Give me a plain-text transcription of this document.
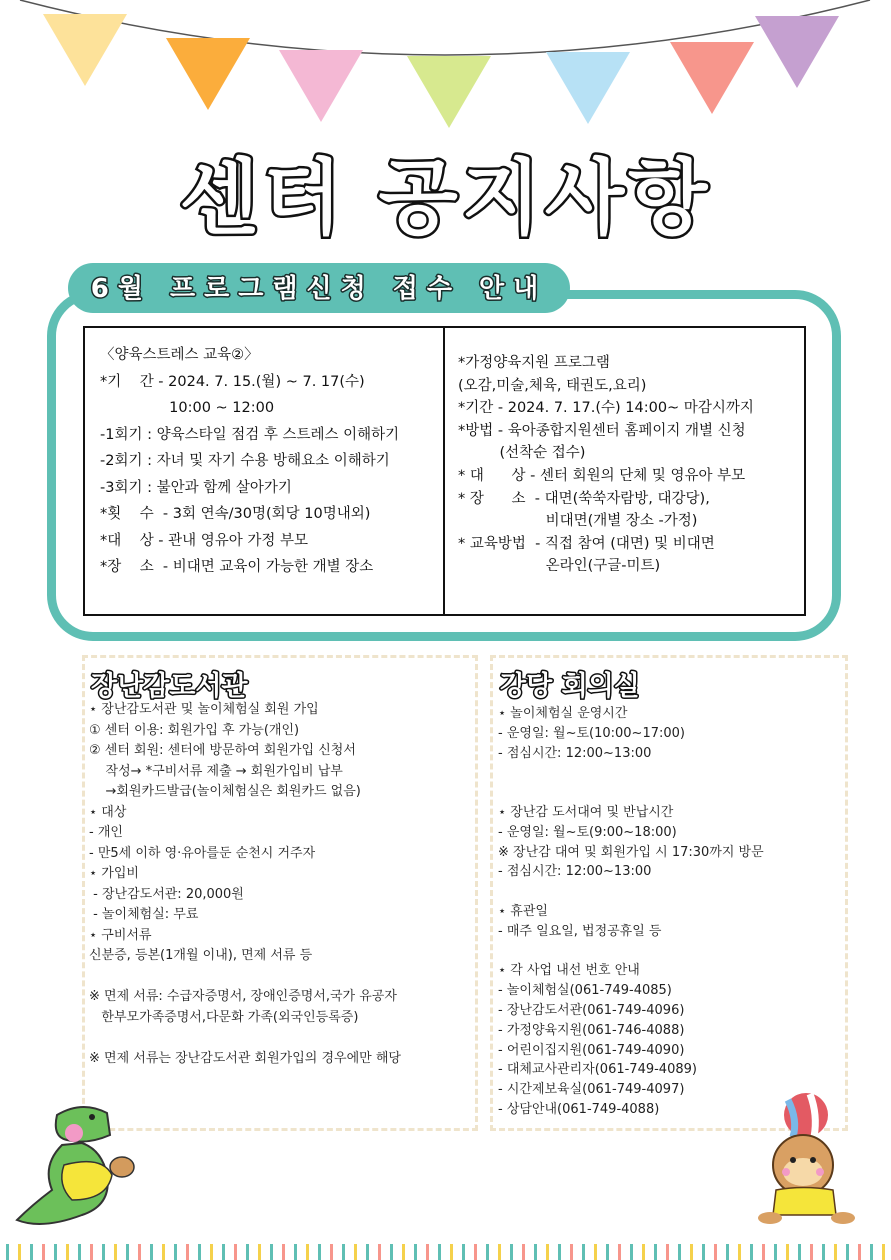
센터 공지사항
6월 프로그램신청 접수 안내
〈양육스트레스 교육②〉
*기    간 - 2024. 7. 15.(월) ~ 7. 17(수)
10:00 ~ 12:00
-1회기 : 양육스타일 점검 후 스트레스 이해하기
-2회기 : 자녀 및 자기 수용 방해요소 이해하기
-3회기 : 불안과 함께 살아가기
*횟    수  - 3회 연속/30명(회당 10명내외)
*대    상 - 관내 영유아 가정 부모
*장    소  - 비대면 교육이 가능한 개별 장소
*가정양육지원 프로그램
(오감,미술,체육, 태권도,요리)
*기간 - 2024. 7. 17.(수) 14:00~ 마감시까지
*방법 - 육아종합지원센터 홈페이지 개별 신청
(선착순 접수)
* 대      상 - 센터 회원의 단체 및 영유아 부모
* 장      소  - 대면(쑥쑥자람방, 대강당),
비대면(개별 장소 -가정)
* 교육방법  - 직접 참여 (대면) 및 비대면
온라인(구글-미트)
장난감도서관
⋆ 장난감도서관 및 놀이체험실 회원 가입
① 센터 이용: 회원가입 후 가능(개인)
② 센터 회원: 센터에 방문하여 회원가입 신청서
작성→ *구비서류 제출 → 회원가입비 납부
→회원카드발급(놀이체험실은 회원카드 없음)
⋆ 대상
- 개인
- 만5세 이하 영·유아를둔 순천시 거주자
⋆ 가입비
- 장난감도서관: 20,000원
- 놀이체험실: 무료
⋆ 구비서류
신분증, 등본(1개월 이내), 면제 서류 등

※ 면제 서류: 수급자증명서, 장애인증명서,국가 유공자
한부모가족증명서,다문화 가족(외국인등록증)

※ 면제 서류는 장난감도서관 회원가입의 경우에만 해당
강당 회의실
⋆ 놀이체험실 운영시간
- 운영일: 월~토(10:00~17:00)
- 점심시간: 12:00~13:00

⋆ 장난감 도서대여 및 반납시간
- 운영일: 월~토(9:00~18:00)
※ 장난감 대여 및 회원가입 시 17:30까지 방문
- 점심시간: 12:00~13:00

⋆ 휴관일
- 매주 일요일, 법정공휴일 등

⋆ 각 사업 내선 번호 안내
- 놀이체험실(061-749-4085)
- 장난감도서관(061-749-4096)
- 가정양육지원(061-746-4088)
- 어린이집지원(061-749-4090)
- 대체교사관리자(061-749-4089)
- 시간제보육실(061-749-4097)
- 상담안내(061-749-4088)
